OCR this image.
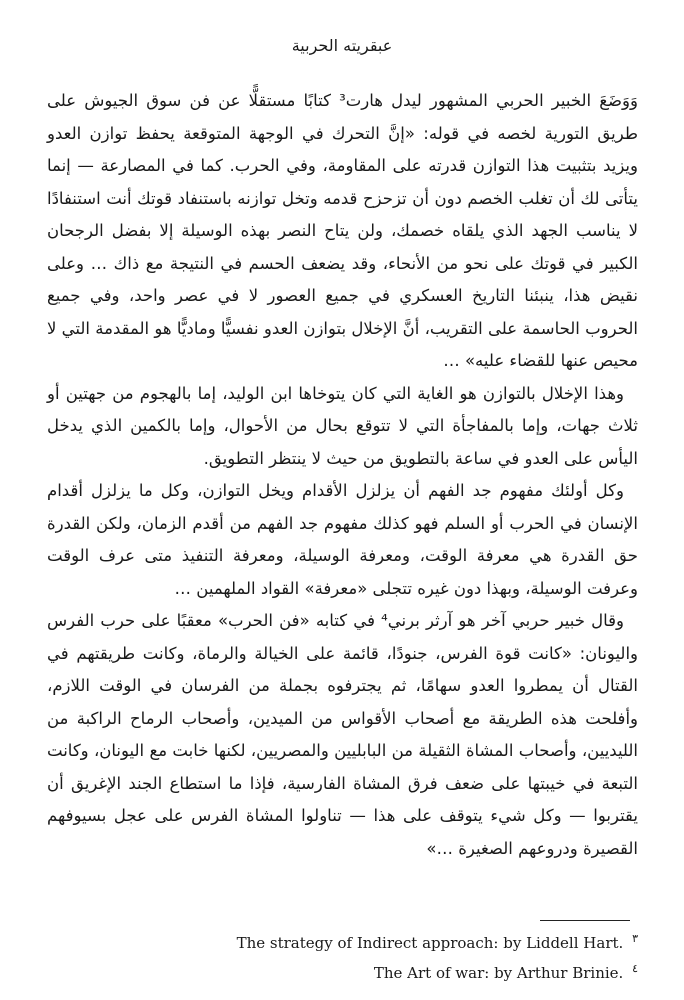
عبقريته الحربية

وَوَضَعَ الخبير الحربي المشهور ليدل هارت³ كتابًا مستقلًّا عن فن سوق الجيوش على طريق التورية لخصه في قوله: «إنَّ التحرك في الوجهة المتوقعة يحفظ توازن العدو ويزيد بتثبيت هذا التوازن قدرته على المقاومة، وفي الحرب. كما في المصارعة — إنما يتأتى لك أن تغلب الخصم دون أن تزحزح قدمه وتخل توازنه باستنفاد قوتك أنت استنفادًا لا يناسب الجهد الذي يلقاه خصمك، ولن يتاح النصر بهذه الوسيلة إلا بفضل الرجحان الكبير في قوتك على نحو من الأنحاء، وقد يضعف الحسم في النتيجة مع ذاك … وعلى نقيض هذا، ينبئنا التاريخ العسكري في جميع العصور لا في عصر واحد، وفي جميع الحروب الحاسمة على التقريب، أنَّ الإخلال بتوازن العدو نفسيًّا وماديًّا هو المقدمة التي لا محيص عنها للقضاء عليه» …

وهذا الإخلال بالتوازن هو الغاية التي كان يتوخاها ابن الوليد، إما بالهجوم من جهتين أو ثلاث جهات، وإما بالمفاجأة التي لا تتوقع بحال من الأحوال، وإما بالكمين الذي يدخل اليأس على العدو في ساعة بالتطويق من حيث لا ينتظر التطويق.

وكل أولئك مفهوم جد الفهم أن يزلزل الأقدام ويخل التوازن، وكل ما يزلزل أقدام الإنسان في الحرب أو السلم فهو كذلك مفهوم جد الفهم من أقدم الزمان، ولكن القدرة حق القدرة هي معرفة الوقت، ومعرفة الوسيلة، ومعرفة التنفيذ متى عرف الوقت وعرفت الوسيلة، وبهذا دون غيره تتجلى «معرفة» القواد الملهمين …

وقال خبير حربي آخر هو آرثر برني⁴ في كتابه «فن الحرب» معقبًا على حرب الفرس واليونان: «كانت قوة الفرس، جنودًا، قائمة على الخيالة والرماة، وكانت طريقتهم في القتال أن يمطروا العدو سهامًا، ثم يجترفوه بجملة من الفرسان في الوقت اللازم، وأفلحت هذه الطريقة مع أصحاب الأقواس من الميدين، وأصحاب الرماح الراكبة من الليديين، وأصحاب المشاة الثقيلة من البابليين والمصريين، لكنها خابت مع اليونان، وكانت التبعة في خيبتها على ضعف فرق المشاة الفارسية، فإذا ما استطاع الجند الإغريق أن يقتربوا — وكل شيء يتوقف على هذا — تناولوا المشاة الفرس على عجل بسيوفهم القصيرة ودروعهم الصغيرة …»

$^٣$ The strategy of Indirect approach: by Liddell Hart.

$^٤$ The Art of war: by Arthur Brinie.
